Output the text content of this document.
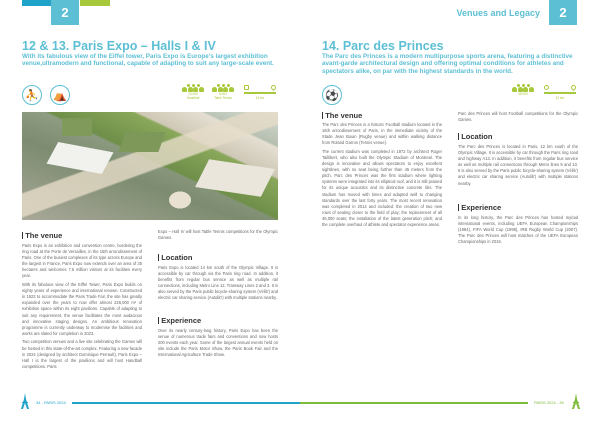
2
12 & 13. Paris Expo – Halls I & IV
With its fabulous view of the Eiffel tower, Paris Expo is Europe's largest exhibition venue,ultramodern and functional, capable of adapting to suit any large-scale event.
⛹ ⛺	10,000
Handball
6,000
Table Tennis	14 km
The venue

Paris Expo is an exhibition and convention centre, bordering the ring road at the Porte de Versailles, in the 15th arrondissement of Paris. One of the busiest complexes of its type across Europe and the largest in France, Paris Expo now extends over an area of 35 hectares and welcomes 7.5 million visitors at its facilities every year.

With its fabulous view of the Eiffel Tower, Paris Expo builds on eighty years of experience and international renown. Constructed in 1923 to accommodate the Paris Trade Fair, the site has greatly expanded over the years to now offer almost 228,000 m² of exhibition space within its eight pavilions. Capable of adapting to suit any requirement, the venue facilitates the most audacious and innovative staging designs. An ambitious renovation programme is currently underway to modernise the facilities and works are slated for completion in 2023.

Two competition venues and a live site celebrating the Games will be hosted in this state-of-the-art complex. Featuring a new facade in 2024 (designed by architect Dominique Perrault), Paris Expo – Hall I is the largest of the pavilions and will host Handball competitions. Paris

Expo – Hall IV will host Table Tennis competitions for the Olympic Games.
Location
Paris Expo is located 14 km south of the Olympic Village. It is accessible by car through via the Paris ring road. In addition, it benefits from regular bus service as well as multiple rail connections, including Metro Line 12, Tramway Lines 2 and 3. It is also served by the Paris public bicycle-sharing system (Vélib') and electric car sharing service (Autolib') with multiple stations nearby.
Experience
Over its nearly century-long history, Paris Expo has been the venue of numerous trade fairs and conventions and now hosts 200 events each year. Some of the largest annual events held on site include the Paris Motor Show, the Paris Book Fair and the International Agriculture Trade Show.
34 - PARIS 2024
Venues and Legacy	2
14. Parc des Princes
The Parc des Princes is a modern multipurpose sports arena, featuring a distinctive avant-garde architectural design and offering optimal conditions for athletes and spectators alike, on par with the highest standards in the world.
⚽	45,000
12 km
The venue

The Parc des Princes is a historic Football stadium located in the 16th arrondissement of Paris, in the immediate vicinity of the Stade Jean Bouin (Rugby venue) and within walking distance from Roland Garros (Tennis venue).

The current stadium was completed in 1972 by architect Roger Taillibert, who also built the Olympic Stadium of Montreal. The design is innovative and allows spectators to enjoy excellent sightlines, with no seat being further than 45 meters from the pitch. Parc des Princes was the first stadium where lighting systems were integrated into its elliptical roof, and it is still praised for its unique acoustics and its distinctive concrete ribs. The stadium has moved with times and adapted well to changing standards over the last forty years. The most recent renovation was completed in 2014 and included: the creation of two new rows of seating closer to the field of play; the replacement of all 45,000 seats; the installation of the latest generation pitch; and the complete overhaul of athlete and spectator experience areas.

Parc des Princes will host Football competitions for the Olympic Games.
Location
The Parc des Princes is located in Paris, 12 km south of the Olympic Village. It is accessible by car through the Paris ring road and highway A13. In addition, it benefits from regular bus service as well as multiple rail connections through Metro lines 9 and 10. It is also served by the Paris public bicycle-sharing system (Vélib') and electric car sharing service (Autolib') with multiple stations nearby.
Experience
In its long history, the Parc des Princes has hosted myriad international events, including UEFA European Championships (1984), FIFA World Cup (1998), IRB Rugby World Cup (2007). The Parc des Princes will host matches of the UEFA European Championships in 2016.
PARIS 2024 - 35
